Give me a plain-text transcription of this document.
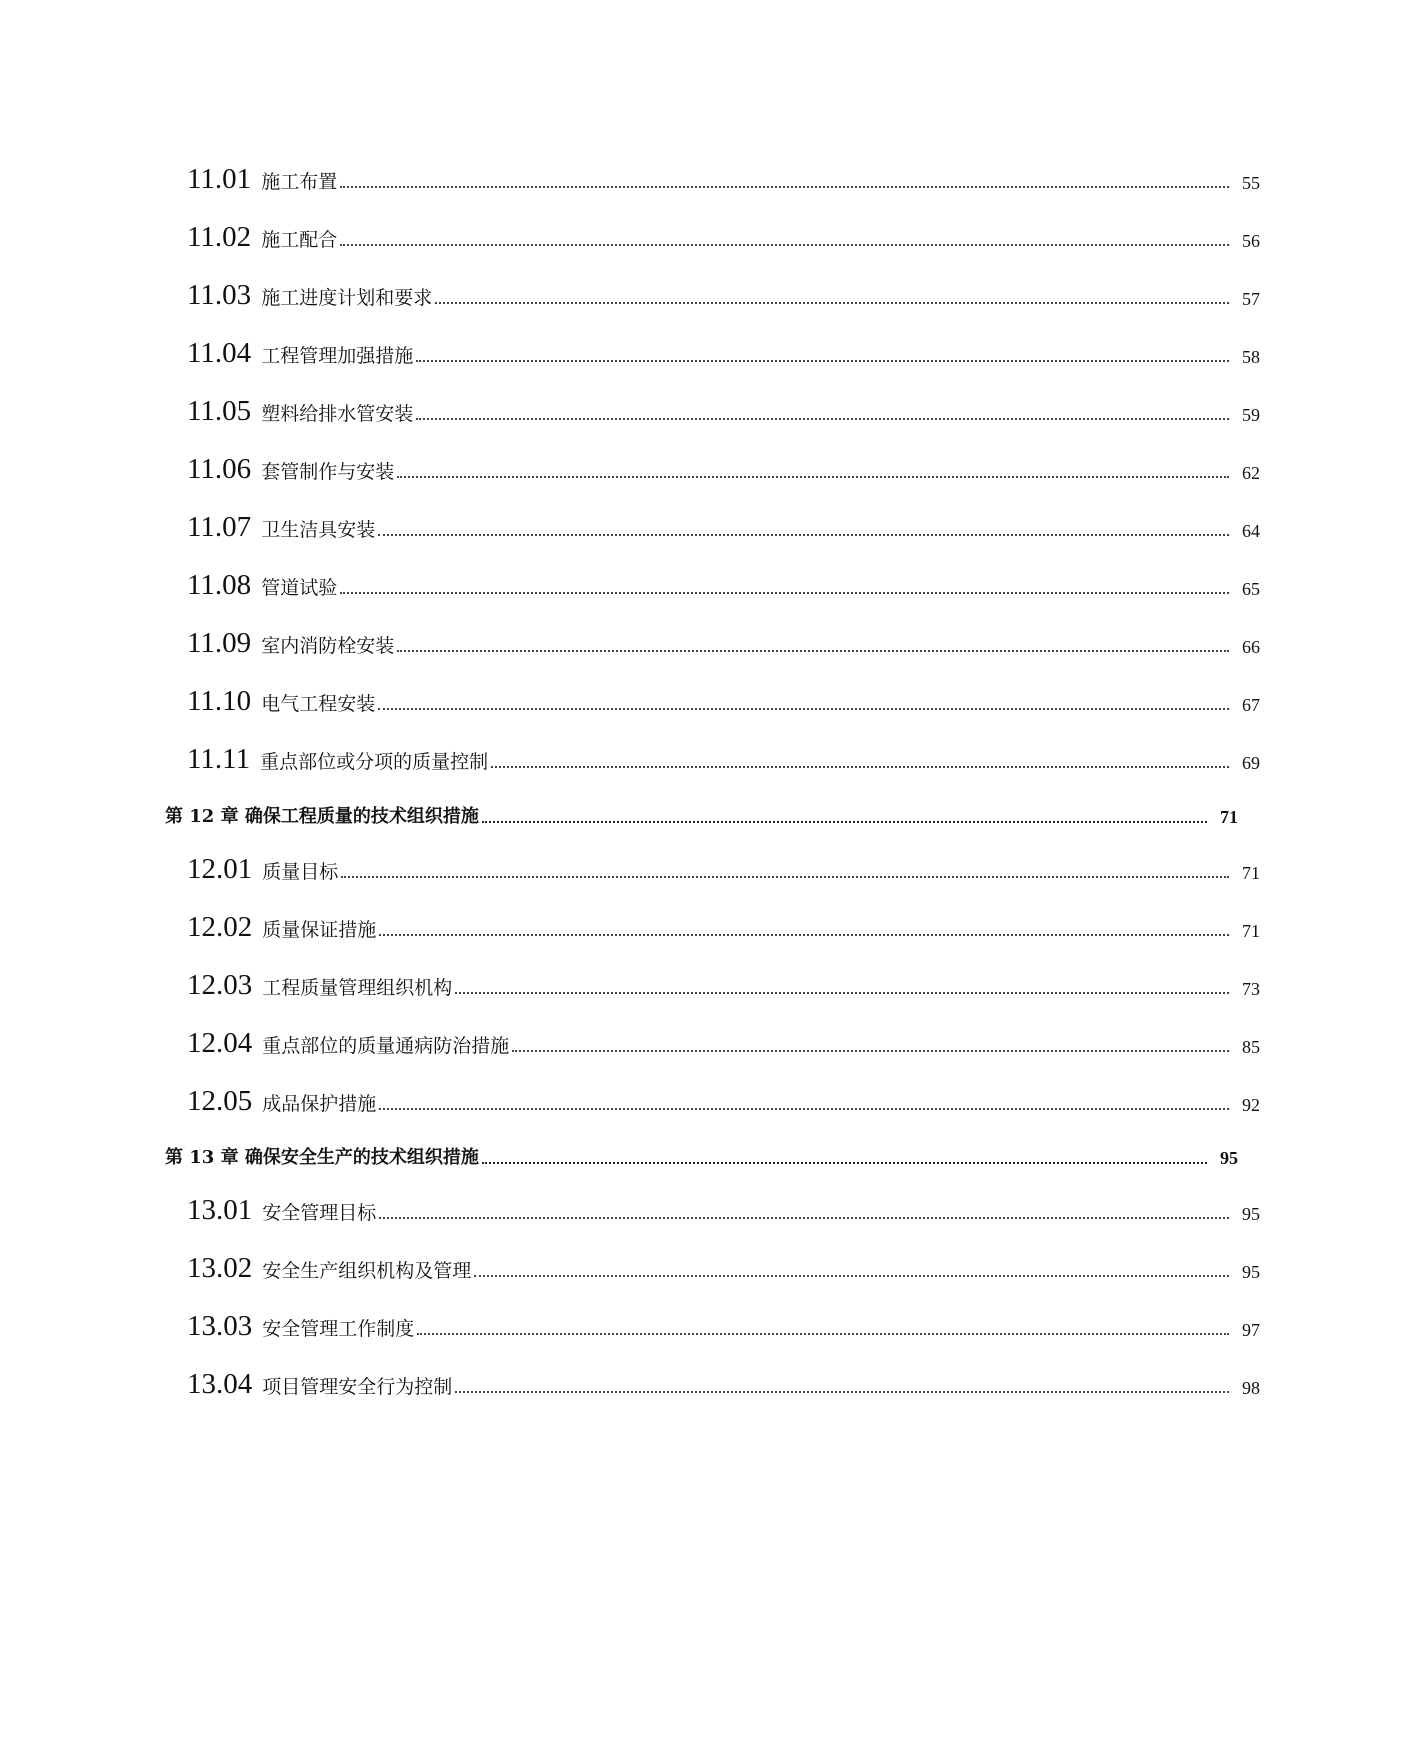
11.01 施工布置	55
11.02 施工配合	56
11.03 施工进度计划和要求	57
11.04 工程管理加强措施	58
11.05 塑料给排水管安装	59
11.06 套管制作与安装	62
11.07 卫生洁具安装	64
11.08 管道试验	65
11.09 室内消防栓安装	66
11.10 电气工程安装	67
11.11 重点部位或分项的质量控制	69
第 12 章 确保工程质量的技术组织措施	71
12.01 质量目标	71
12.02 质量保证措施	71
12.03 工程质量管理组织机构	73
12.04 重点部位的质量通病防治措施	85
12.05 成品保护措施	92
第 13 章 确保安全生产的技术组织措施	95
13.01 安全管理目标	95
13.02 安全生产组织机构及管理	95
13.03 安全管理工作制度	97
13.04 项目管理安全行为控制	98
